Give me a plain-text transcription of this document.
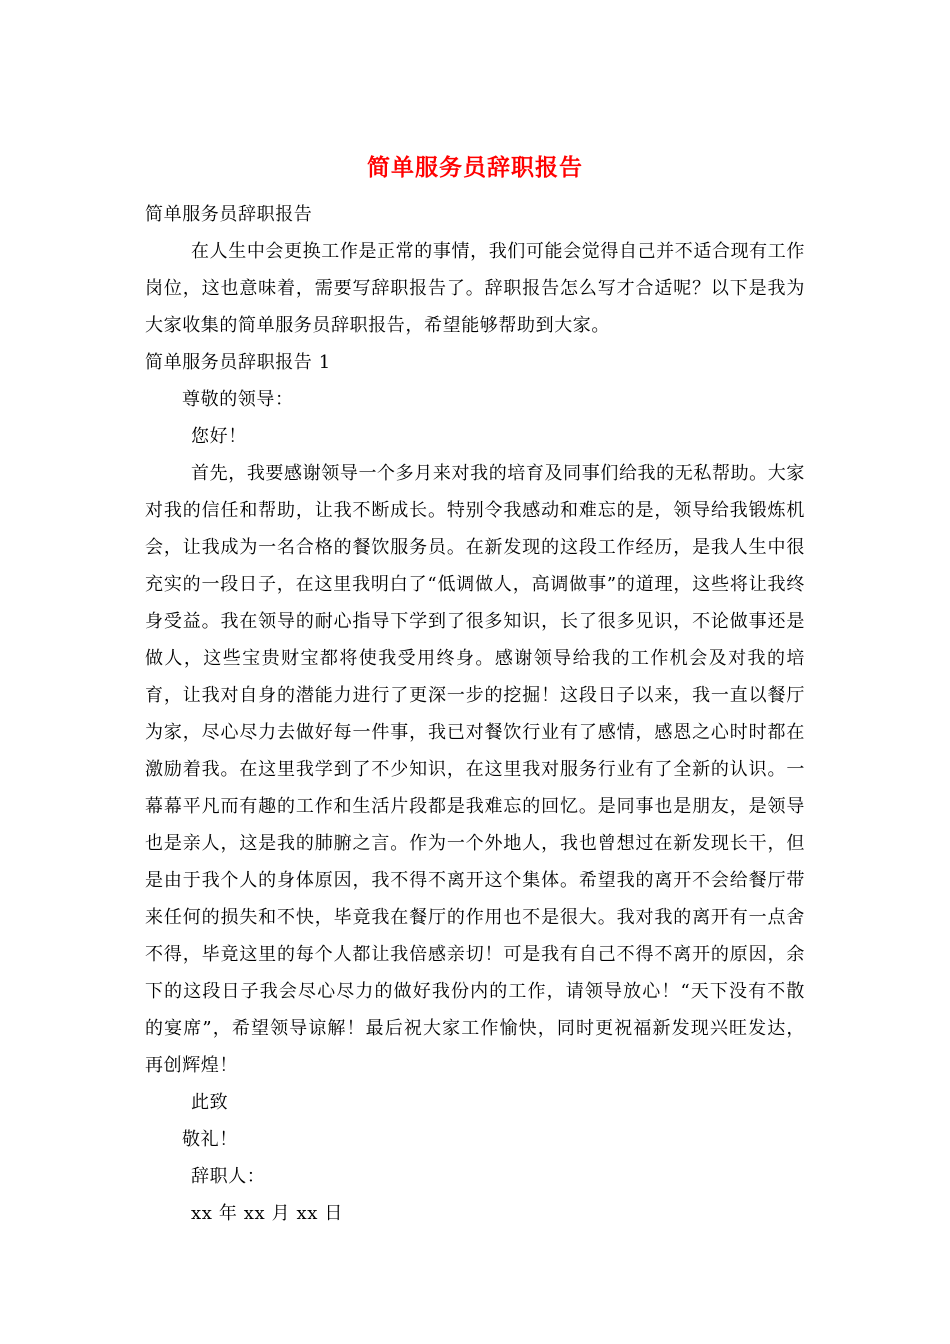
简单服务员辞职报告

简单服务员辞职报告

在人生中会更换工作是正常的事情，我们可能会觉得自己并不适合现有工作岗位，这也意味着，需要写辞职报告了。辞职报告怎么写才合适呢？以下是我为大家收集的简单服务员辞职报告，希望能够帮助到大家。

简单服务员辞职报告 1

尊敬的领导：

您好！

首先，我要感谢领导一个多月来对我的培育及同事们给我的无私帮助。大家对我的信任和帮助，让我不断成长。特别令我感动和难忘的是，领导给我锻炼机会，让我成为一名合格的餐饮服务员。在新发现的这段工作经历，是我人生中很充实的一段日子，在这里我明白了“低调做人，高调做事”的道理，这些将让我终身受益。我在领导的耐心指导下学到了很多知识，长了很多见识，不论做事还是做人，这些宝贵财宝都将使我受用终身。感谢领导给我的工作机会及对我的培育，让我对自身的潜能力进行了更深一步的挖掘！这段日子以来，我一直以餐厅为家，尽心尽力去做好每一件事，我已对餐饮行业有了感情，感恩之心时时都在激励着我。在这里我学到了不少知识，在这里我对服务行业有了全新的认识。一幕幕平凡而有趣的工作和生活片段都是我难忘的回忆。是同事也是朋友，是领导也是亲人，这是我的肺腑之言。作为一个外地人，我也曾想过在新发现长干，但是由于我个人的身体原因，我不得不离开这个集体。希望我的离开不会给餐厅带来任何的损失和不快，毕竟我在餐厅的作用也不是很大。我对我的离开有一点舍不得，毕竟这里的每个人都让我倍感亲切！可是我有自己不得不离开的原因，余下的这段日子我会尽心尽力的做好我份内的工作，请领导放心！“天下没有不散的宴席”，希望领导谅解！最后祝大家工作愉快，同时更祝福新发现兴旺发达，再创辉煌！

此致

敬礼！

辞职人：

xx 年 xx 月 xx 日
